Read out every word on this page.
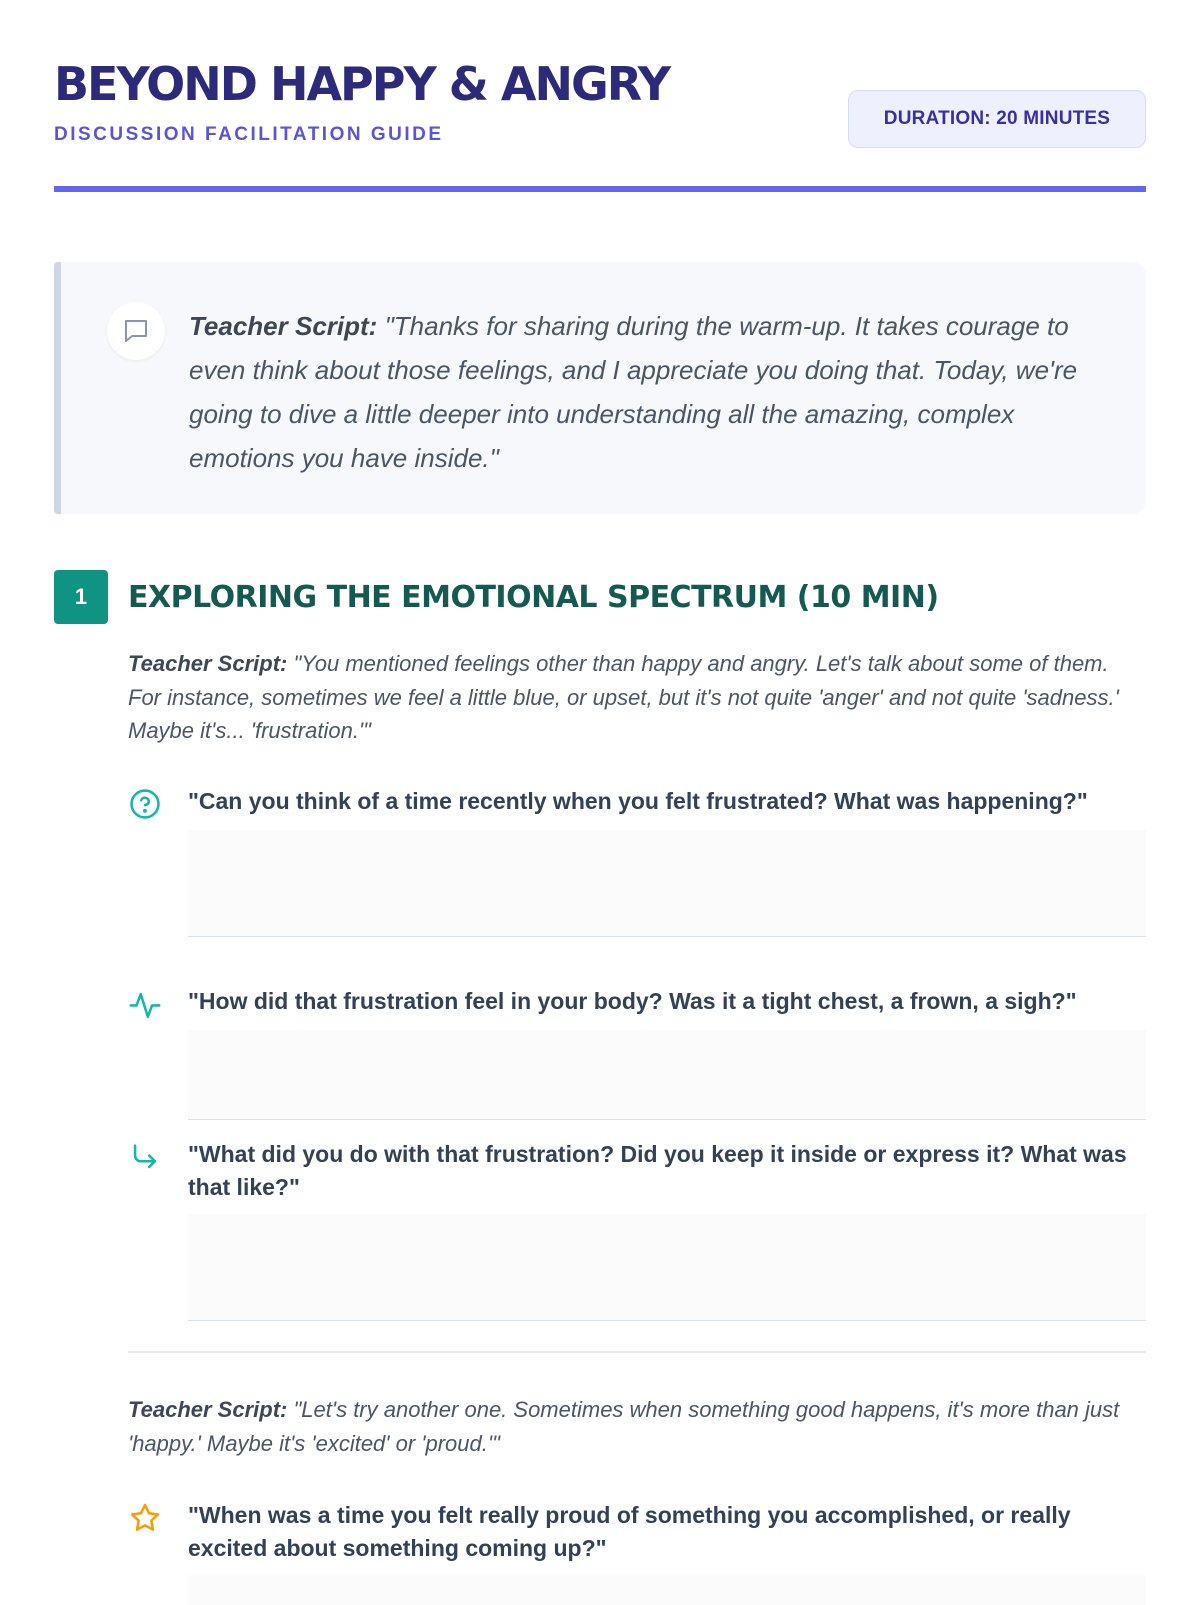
BEYOND HAPPY & ANGRY
DISCUSSION FACILITATION GUIDE
DURATION: 20 MINUTES
Teacher Script: "Thanks for sharing during the warm-up. It takes courage to even think about those feelings, and I appreciate you doing that. Today, we're going to dive a little deeper into understanding all the amazing, complex emotions you have inside."
1	EXPLORING THE EMOTIONAL SPECTRUM (10 MIN)
Teacher Script: "You mentioned feelings other than happy and angry. Let's talk about some of them. For instance, sometimes we feel a little blue, or upset, but it's not quite 'anger' and not quite 'sadness.' Maybe it's... 'frustration.'"
"Can you think of a time recently when you felt frustrated? What was happening?"
"How did that frustration feel in your body? Was it a tight chest, a frown, a sigh?"
"What did you do with that frustration? Did you keep it inside or express it? What was that like?"
Teacher Script: "Let's try another one. Sometimes when something good happens, it's more than just 'happy.' Maybe it's 'excited' or 'proud.'"
"When was a time you felt really proud of something you accomplished, or really excited about something coming up?"
